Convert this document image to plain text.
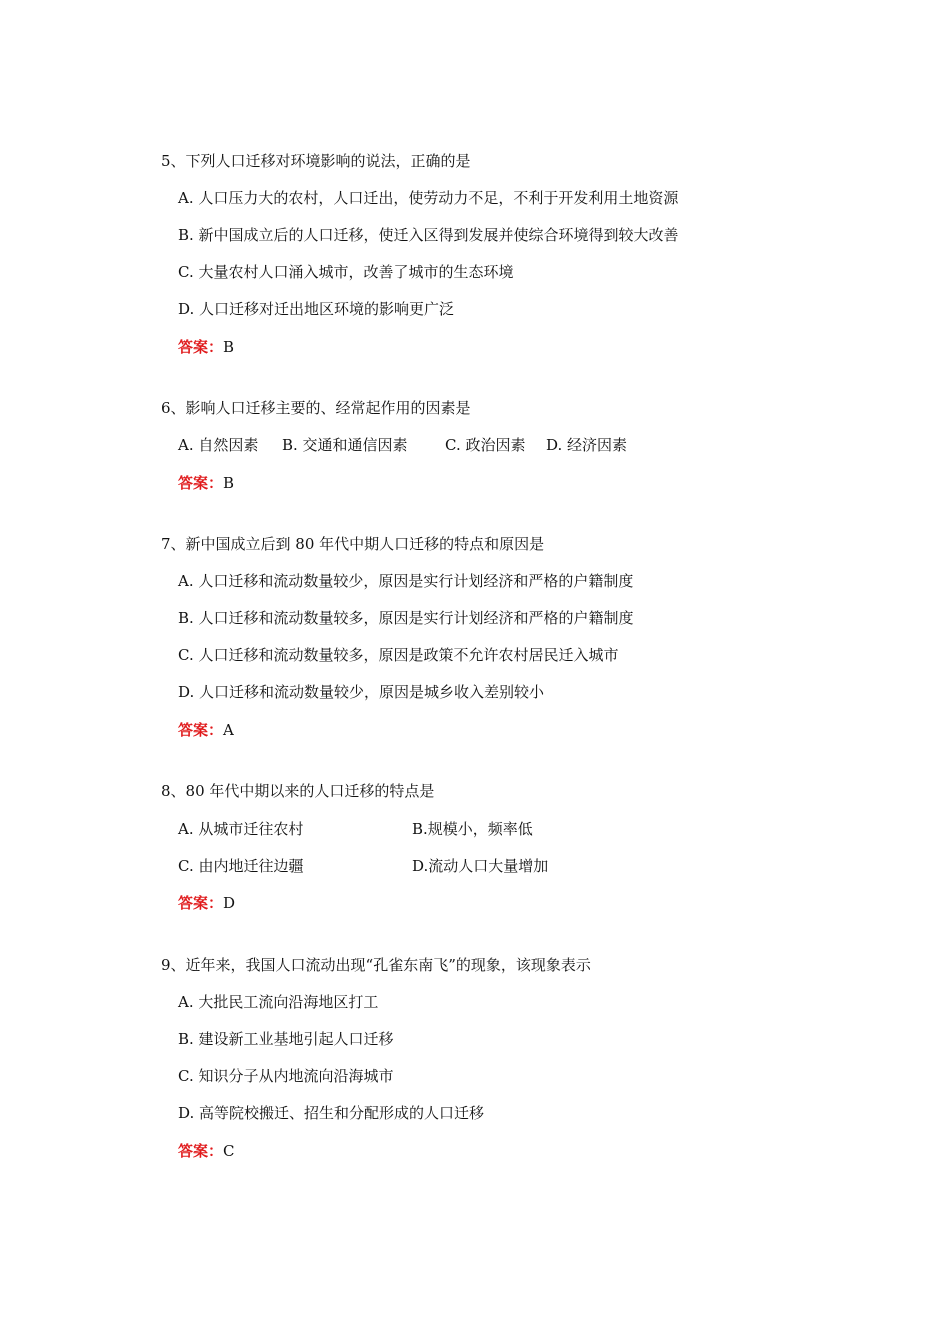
5、下列人口迁移对环境影响的说法，正确的是
A. 人口压力大的农村，人口迁出，使劳动力不足，不利于开发利用土地资源
B. 新中国成立后的人口迁移，使迁入区得到发展并使综合环境得到较大改善
C. 大量农村人口涌入城市，改善了城市的生态环境
D. 人口迁移对迁出地区环境的影响更广泛
答案：B
6、影响人口迁移主要的、经常起作用的因素是
A. 自然因素 B. 交通和通信因素 C. 政治因素 D. 经济因素
答案：B
7、新中国成立后到 80 年代中期人口迁移的特点和原因是
A. 人口迁移和流动数量较少，原因是实行计划经济和严格的户籍制度
B. 人口迁移和流动数量较多，原因是实行计划经济和严格的户籍制度
C. 人口迁移和流动数量较多，原因是政策不允许农村居民迁入城市
D. 人口迁移和流动数量较少，原因是城乡收入差别较小
答案：A
8、80 年代中期以来的人口迁移的特点是
A. 从城市迁往农村	B.规模小，频率低
C. 由内地迁往边疆	D.流动人口大量增加
答案：D
9、近年来，我国人口流动出现“孔雀东南飞”的现象，该现象表示
A. 大批民工流向沿海地区打工
B. 建设新工业基地引起人口迁移
C. 知识分子从内地流向沿海城市
D. 高等院校搬迁、招生和分配形成的人口迁移
答案：C
